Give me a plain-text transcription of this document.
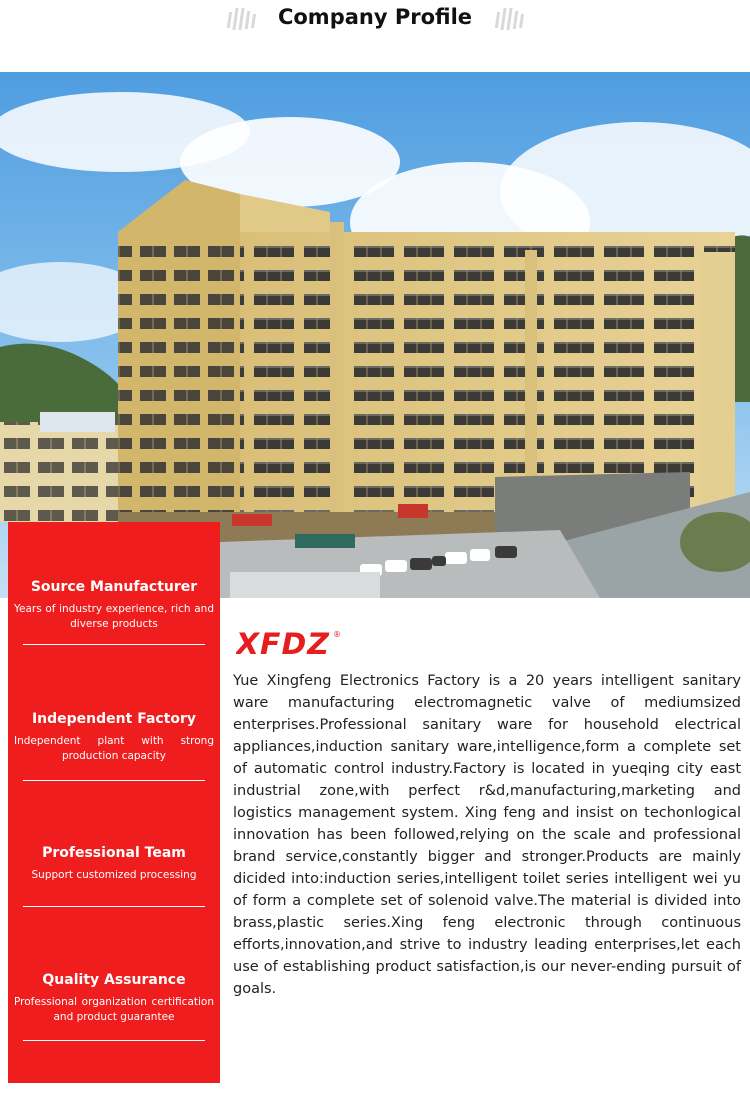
Company Profile
Source Manufacturer
Years of industry experience, rich and diverse products
Independent Factory
Independent plant with strong production capacity
Professional Team
Support customized processing
Quality Assurance
Professional organization certification and product guarantee
XFDZ ®
Yue Xingfeng Electronics Factory is a 20 years intelligent sanitary ware manufacturing electromagnetic valve of mediumsized enterprises.Professional sanitary ware for household electrical appliances,induction sanitary ware,intelligence,form a complete set of automatic control industry.Factory is located in yueqing city east industrial zone,with perfect r&d,manufacturing,marketing and logistics management system. Xing feng and insist on techonlogical innovation has been followed,relying on the scale and professional brand service,constantly bigger and stronger.Products are mainly dicided into:induction series,intelligent toilet series intelligent wei yu of form a complete set of solenoid valve.The material is divided into brass,plastic series.Xing feng electronic through continuous efforts,innovation,and strive to industry leading enterprises,let each use of establishing product satisfaction,is our never-ending pursuit of goals.
